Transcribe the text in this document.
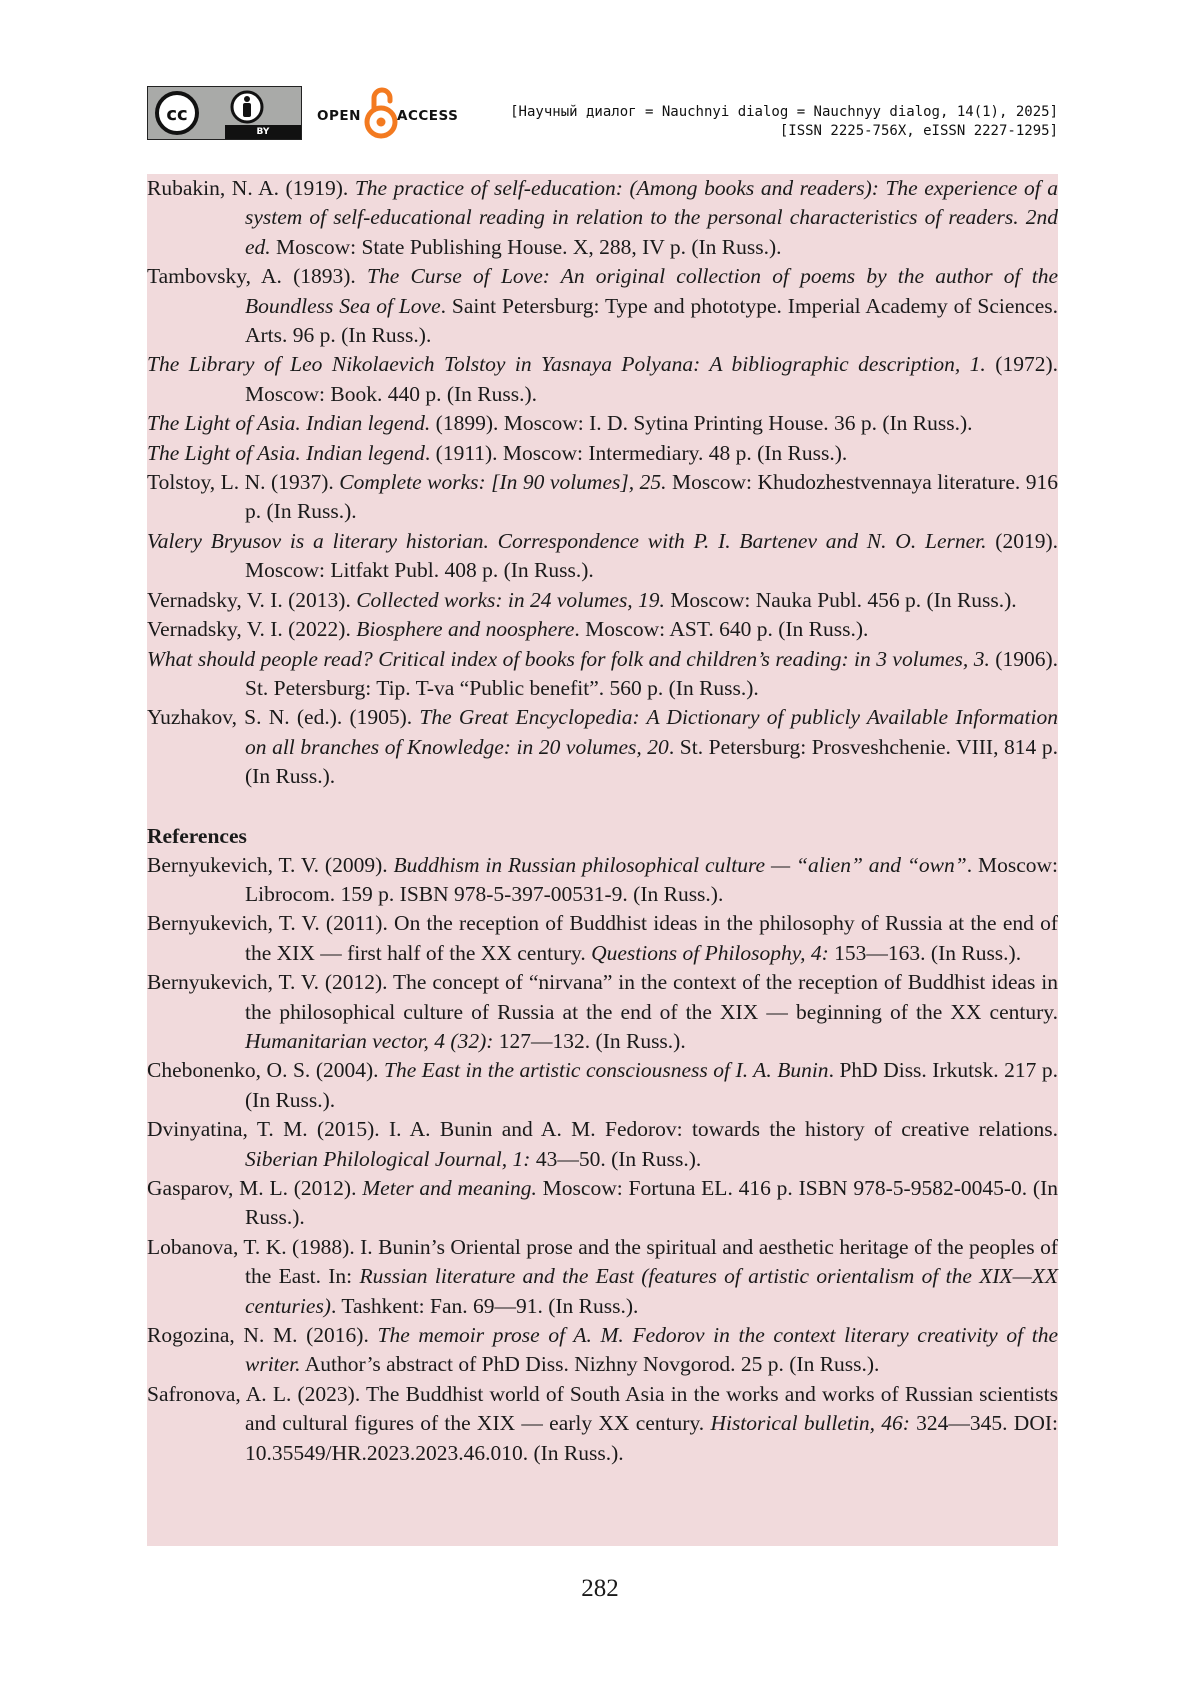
cc
BY
OPEN	ACCESS	[Научный диалог = Nauchnyi dialog = Nauchnyy dialog, 14(1), 2025]
[ISSN 2225-756X, eISSN 2227-1295]

Rubakin, N. A. (1919). The practice of self-education: (Among books and readers): The experience of a system of self-educational reading in relation to the personal characteristics of readers. 2nd ed. Moscow: State Publishing House. X, 288, IV p. (In Russ.).

Tambovsky, A. (1893). The Curse of Love: An original collection of poems by the author of the Boundless Sea of Love. Saint Petersburg: Type and phototype. Imperial Academy of Sciences. Arts. 96 p. (In Russ.).

The Library of Leo Nikolaevich Tolstoy in Yasnaya Polyana: A bibliographic description, 1. (1972). Moscow: Book. 440 p. (In Russ.).

The Light of Asia. Indian legend. (1899). Moscow: I. D. Sytina Printing House. 36 p. (In Russ.).

The Light of Asia. Indian legend. (1911). Moscow: Intermediary. 48 p. (In Russ.).

Tolstoy, L. N. (1937). Complete works: [In 90 volumes], 25. Moscow: Khudozhestvennaya literature. 916 p. (In Russ.).

Valery Bryusov is a literary historian. Correspondence with P. I. Bartenev and N. O. Lerner. (2019). Moscow: Litfakt Publ. 408 p. (In Russ.).

Vernadsky, V. I. (2013). Collected works: in 24 volumes, 19. Moscow: Nauka Publ. 456 p. (In Russ.).

Vernadsky, V. I. (2022). Biosphere and noosphere. Moscow: AST. 640 p. (In Russ.).

What should people read? Critical index of books for folk and children’s reading: in 3 volumes, 3. (1906). St. Petersburg: Tip. T-va “Public benefit”. 560 p. (In Russ.).

Yuzhakov, S. N. (ed.). (1905). The Great Encyclopedia: A Dictionary of publicly Available Information on all branches of Knowledge: in 20 volumes, 20. St. Petersburg: Prosveshchenie. VIII, 814 p. (In Russ.).

References

Bernyukevich, T. V. (2009). Buddhism in Russian philosophical culture — “alien” and “own”. Moscow: Librocom. 159 p. ISBN 978-5-397-00531-9. (In Russ.).

Bernyukevich, T. V. (2011). On the reception of Buddhist ideas in the philosophy of Russia at the end of the XIX — first half of the XX century. Questions of Philosophy, 4: 153—163. (In Russ.).

Bernyukevich, T. V. (2012). The concept of “nirvana” in the context of the reception of Buddhist ideas in the philosophical culture of Russia at the end of the XIX — beginning of the XX century. Humanitarian vector, 4 (32): 127—132. (In Russ.).

Chebonenko, O. S. (2004). The East in the artistic consciousness of I. A. Bunin. PhD Diss. Irkutsk. 217 p. (In Russ.).

Dvinyatina, T. M. (2015). I. A. Bunin and A. M. Fedorov: towards the history of creative relations. Siberian Philological Journal, 1: 43—50. (In Russ.).

Gasparov, M. L. (2012). Meter and meaning. Moscow: Fortuna EL. 416 p. ISBN 978-5-9582-0045-0. (In Russ.).

Lobanova, T. K. (1988). I. Bunin’s Oriental prose and the spiritual and aesthetic heritage of the peoples of the East. In: Russian literature and the East (features of artistic orientalism of the XIX—XX centuries). Tashkent: Fan. 69—91. (In Russ.).

Rogozina, N. M. (2016). The memoir prose of A. M. Fedorov in the context literary creativity of the writer. Author’s abstract of PhD Diss. Nizhny Novgorod. 25 p. (In Russ.).

Safronova, A. L. (2023). The Buddhist world of South Asia in the works and works of Russian scientists and cultural figures of the XIX — early XX century. Historical bulletin, 46: 324—345. DOI: 10.35549/HR.2023.2023.46.010. (In Russ.).

282
